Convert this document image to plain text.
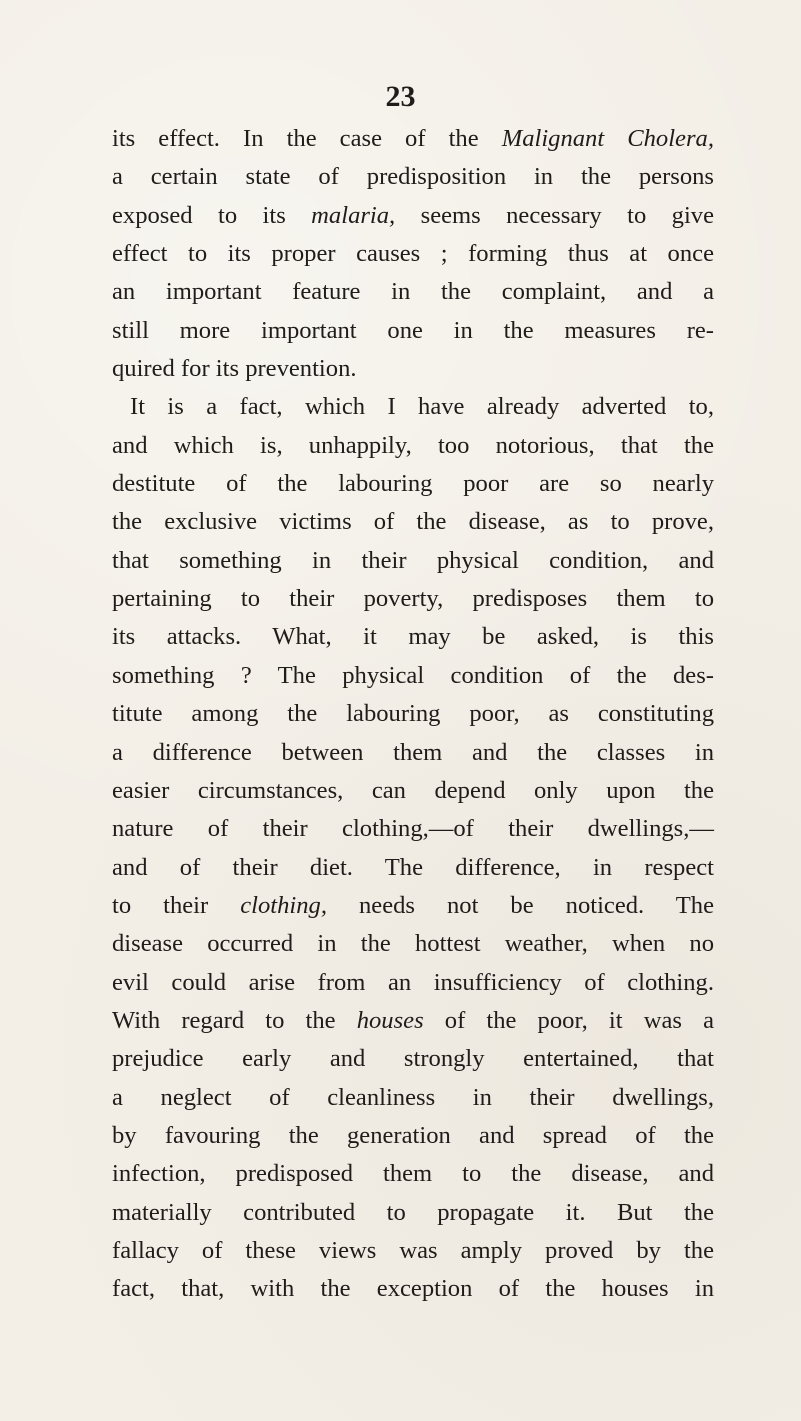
23
its effect. In the case of the Malignant Cholera,
a certain state of predisposition in the persons
exposed to its malaria, seems necessary to give
effect to its proper causes ; forming thus at once
an important feature in the complaint, and a
still more important one in the measures re-
quired for its prevention.
It is a fact, which I have already adverted to,
and which is, unhappily, too notorious, that the
destitute of the labouring poor are so nearly
the exclusive victims of the disease, as to prove,
that something in their physical condition, and
pertaining to their poverty, predisposes them to
its attacks. What, it may be asked, is this
something ? The physical condition of the des-
titute among the labouring poor, as constituting
a difference between them and the classes in
easier circumstances, can depend only upon the
nature of their clothing,—of their dwellings,—
and of their diet. The difference, in respect
to their clothing, needs not be noticed. The
disease occurred in the hottest weather, when no
evil could arise from an insufficiency of clothing.
With regard to the houses of the poor, it was a
prejudice early and strongly entertained, that
a neglect of cleanliness in their dwellings,
by favouring the generation and spread of the
infection, predisposed them to the disease, and
materially contributed to propagate it. But the
fallacy of these views was amply proved by the
fact, that, with the exception of the houses in
